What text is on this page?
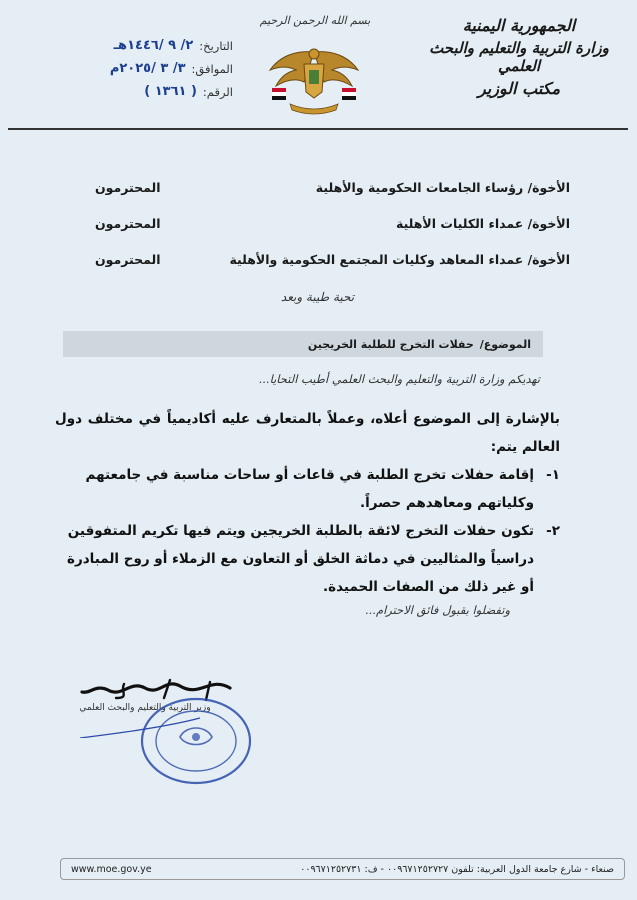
الجمهورية اليمنية
وزارة التربية والتعليم والبحث العلمي
مكتب الوزير
بسم الله الرحمن الرحيم
التاريخ:
٢/ ٩ /١٤٤٦هـ
الموافق:
٣/ ٣ /٢٠٢٥م
الرقم:
( ١٣٦١ )
الأخوة/ رؤساء الجامعات الحكومية والأهلية
المحترمون
الأخوة/ عمداء الكليات الأهلية
المحترمون
الأخوة/ عمداء المعاهد وكليات المجتمع الحكومية والأهلية
المحترمون
تحية طيبة وبعد
الموضوع/
حفلات التخرج للطلبة الخريجين
تهديكم وزارة التربية والتعليم والبحث العلمي أطيب التحايا...

بالإشارة إلى الموضوع أعلاه، وعملاً بالمتعارف عليه أكاديمياً في مختلف دول العالم يتم:

١-
إقامة حفلات تخرج الطلبة في قاعات أو ساحات مناسبة في جامعتهم وكلياتهم ومعاهدهم حصراً.
٢-
تكون حفلات التخرج لائقة بالطلبة الخريجين ويتم فيها تكريم المتفوقين دراسياً والمثاليين في دماثة الخلق أو التعاون مع الزملاء أو روح المبادرة أو غير ذلك من الصفات الحميدة.
وتفضلوا بقبول فائق الاحترام...
وزير التربية والتعليم والبحث العلمي
www.moe.gov.ye	صنعاء - شارع جامعة الدول العربية: تلفون ٠٠٩٦٧١٢٥٢٧٢٧ - ف: ٠٠٩٦٧١٢٥٢٧٣١
